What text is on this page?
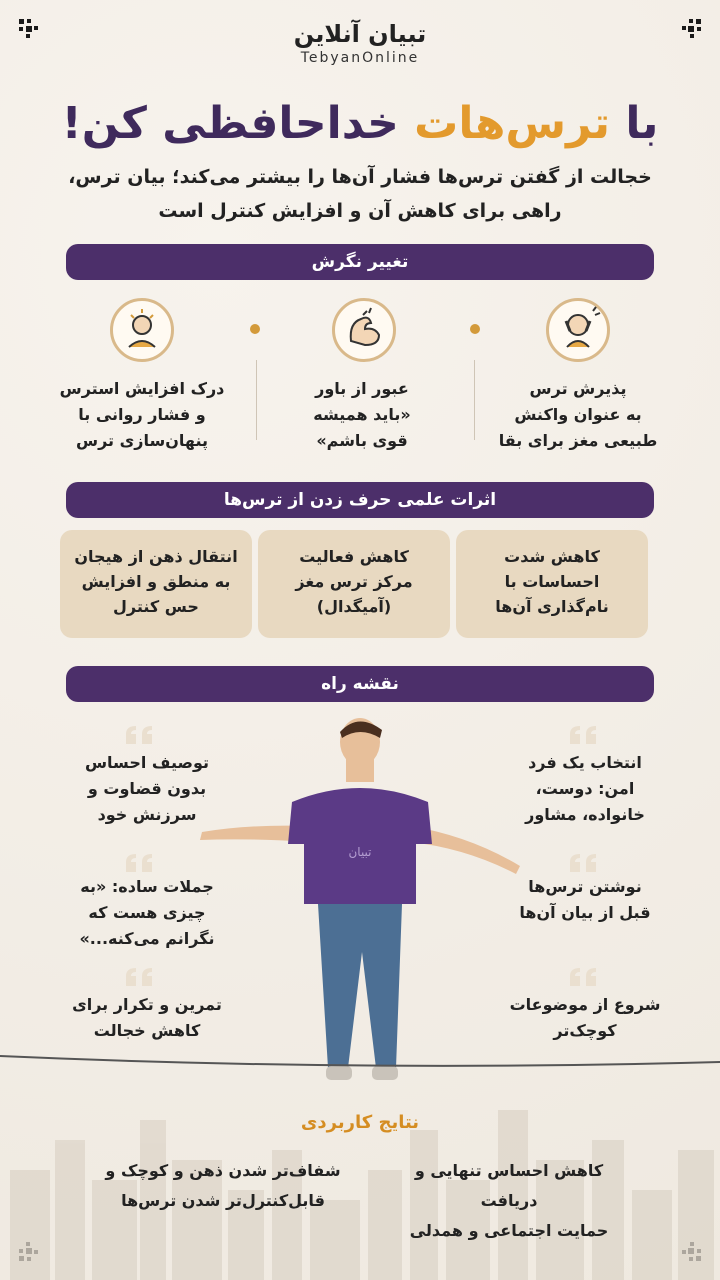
تبیان آنلاین
TebyanOnline
با ترس‌هات خداحافظی کن!
خجالت از گفتن ترس‌ها فشار آن‌ها را بیشتر می‌کند؛ بیان ترس،
راهی برای کاهش آن و افزایش کنترل است
تغییر نگرش
پذیرش ترس
به عنوان واکنش
طبیعی مغز برای بقا
عبور از باور
«باید همیشه
قوی باشم»
درک افزایش استرس
و فشار روانی با
پنهان‌سازی ترس
اثرات علمی حرف زدن از ترس‌ها
کاهش شدت
احساسات با
نام‌گذاری آن‌ها
کاهش فعالیت
مرکز ترس مغز
(آمیگدال)
انتقال ذهن از هیجان
به منطق و افزایش
حس کنترل
نقشه راه
تبیان
انتخاب یک فرد
امن: دوست،
خانواده، مشاور
نوشتن ترس‌ها
قبل از بیان آن‌ها
شروع از موضوعات
کوچک‌تر
توصیف احساس
بدون قضاوت و
سرزنش خود
جملات ساده: «به
چیزی هست که
نگرانم می‌کنه...»
تمرین و تکرار برای
کاهش خجالت
نتایج کاربردی
کاهش احساس تنهایی و دریافت
حمایت اجتماعی و همدلی
شفاف‌تر شدن ذهن و کوچک و
قابل‌کنترل‌تر شدن ترس‌ها
